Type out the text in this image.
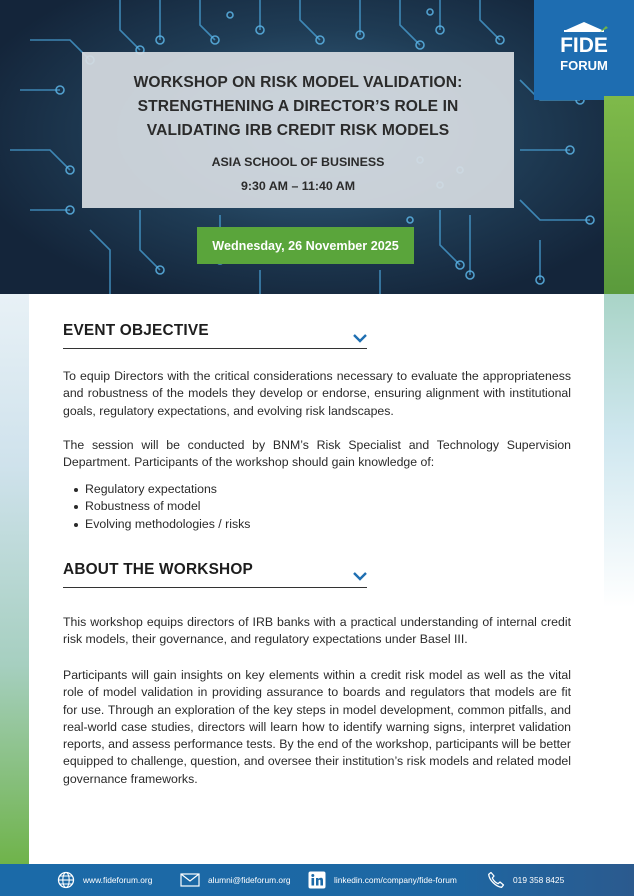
WORKSHOP ON RISK MODEL VALIDATION:
STRENGTHENING A DIRECTOR’S ROLE IN
VALIDATING IRB CREDIT RISK MODELS
ASIA SCHOOL OF BUSINESS
9:30 AM – 11:40 AM
Wednesday, 26 November 2025
FIDE
FORUM
EVENT OBJECTIVE

To equip Directors with the critical considerations necessary to evaluate the appropriateness and robustness of the models they develop or endorse, ensuring alignment with institutional goals, regulatory expectations, and evolving risk landscapes.

The session will be conducted by BNM’s Risk Specialist and Technology Supervision Department. Participants of the workshop should gain knowledge of:

Regulatory expectations
Robustness of model
Evolving methodologies / risks
ABOUT THE WORKSHOP

This workshop equips directors of IRB banks with a practical understanding of internal credit risk models, their governance, and regulatory expectations under Basel III.

Participants will gain insights on key elements within a credit risk model as well as the vital role of model validation in providing assurance to boards and regulators that models are fit for use. Through an exploration of the key steps in model development, common pitfalls, and real-world case studies, directors will learn how to identify warning signs, interpret validation reports, and assess performance tests. By the end of the workshop, participants will be better equipped to challenge, question, and oversee their institution’s risk models and related model governance frameworks.

www.fideforum.org	alumni@fideforum.org	linkedin.com/company/fide-forum	019 358 8425
